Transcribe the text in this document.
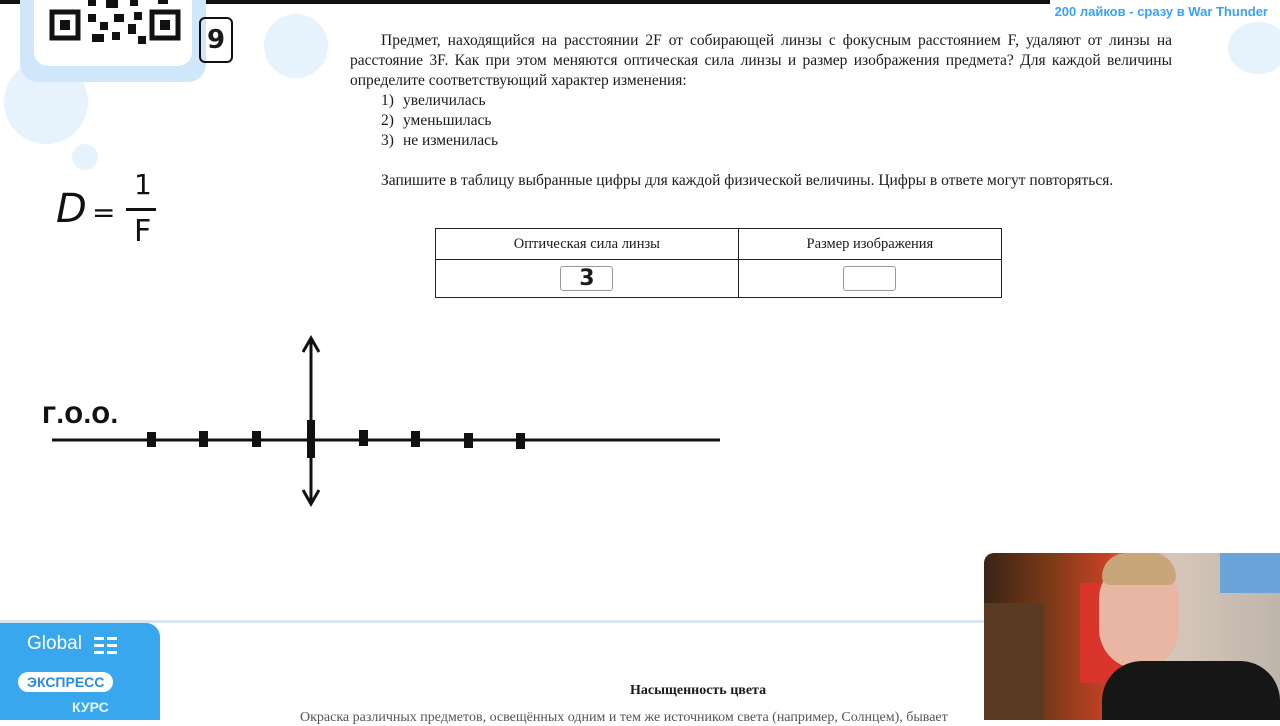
200 лайков - сразу в War Thunder
9	Предмет, находящийся на расстоянии 2F от собирающей линзы с фокусным расстоянием F, удаляют от линзы на расстояние 3F. Как при этом меняются оптическая сила линзы и размер изображения предмета? Для каждой величины определите соответствующий характер изменения:

1) увеличилась
2) уменьшилась
3) не изменилась

Запишите в таблицу выбранные цифры для каждой физической величины. Цифры в ответе могут повторяться.

Оптическая сила линзы	Размер изображения
3	
D =
1
F
Г.О.О.
Global
ЭКСПРЕСС
КУРС
Насыщенность цвета
Окраска различных предметов, освещённых одним и тем же источником света (например, Солнцем), бывает
